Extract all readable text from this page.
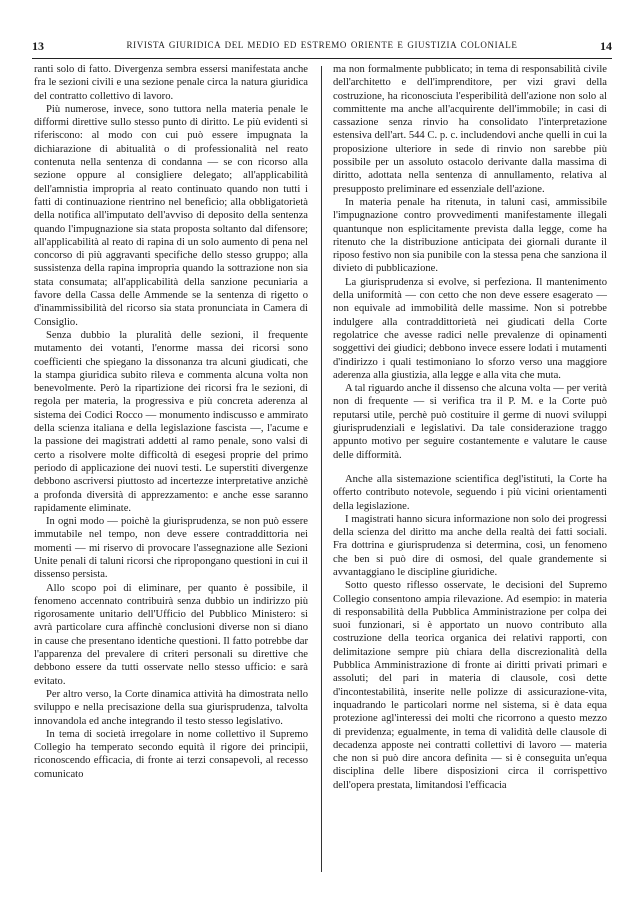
13	RIVISTA GIURIDICA DEL MEDIO ED ESTREMO ORIENTE E GIUSTIZIA COLONIALE	14

ranti solo di fatto. Divergenza sembra essersi manifestata anche fra le sezioni civili e una sezione penale circa la natura giuridica del contratto collettivo di lavoro.

Più numerose, invece, sono tuttora nella materia penale le difformi direttive sullo stesso punto di diritto. Le più evidenti si riferiscono: al modo con cui può essere impugnata la dichiarazione di abitualità o di professionalità nel reato contenuta nella sentenza di condanna — se con ricorso alla sezione oppure al consigliere delegato; all'applicabilità dell'amnistia impropria al reato continuato quando non tutti i fatti di continuazione rientrino nel beneficio; alla obbligatorietà della notifica all'imputato dell'avviso di deposito della sentenza quando l'impugnazione sia stata proposta soltanto dal difensore; all'applicabilità al reato di rapina di un solo aumento di pena nel concorso di più aggravanti specifiche dello stesso gruppo; alla sussistenza della rapina impropria quando la sottrazione non sia stata consumata; all'applicabilità della sanzione pecuniaria a favore della Cassa delle Ammende se la sentenza di rigetto o d'inammissibilità del ricorso sia stata pronunciata in Camera di Consiglio.

Senza dubbio la pluralità delle sezioni, il frequente mutamento dei votanti, l'enorme massa dei ricorsi sono coefficienti che spiegano la dissonanza tra alcuni giudicati, che la stampa giuridica subito rileva e commenta alcuna volta non benevolmente. Però la ripartizione dei ricorsi fra le sezioni, di regola per materia, la progressiva e più concreta aderenza al sistema dei Codici Rocco — monumento indiscusso e ammirato della scienza italiana e della legislazione fascista —, l'acume e la passione dei magistrati addetti al ramo penale, sono valsi di certo a risolvere molte difficoltà di esegesi proprie del primo periodo di applicazione dei nuovi testi. Le superstiti divergenze debbono ascriversi piuttosto ad incertezze interpretative anzichè a profonda diversità di apprezzamento: e anche esse saranno rapidamente eliminate.

In ogni modo — poichè la giurisprudenza, se non può essere immutabile nel tempo, non deve essere contraddittoria nei momenti — mi riservo di provocare l'assegnazione alle Sezioni Unite penali di taluni ricorsi che ripropongano questioni in cui il dissenso persista.

Allo scopo poi di eliminare, per quanto è possibile, il fenomeno accennato contribuirà senza dubbio un indirizzo più rigorosamente unitario dell'Ufficio del Pubblico Ministero: si avrà particolare cura affinchè conclusioni diverse non si diano in cause che presentano identiche questioni. Il fatto potrebbe dar l'apparenza del prevalere di criteri personali su direttive che debbono essere da tutti osservate nello stesso ufficio: e sarà evitato.

Per altro verso, la Corte dinamica attività ha dimostrata nello sviluppo e nella precisazione della sua giurisprudenza, talvolta innovandola ed anche integrando il testo stesso legislativo.

In tema di società irregolare in nome collettivo il Supremo Collegio ha temperato secondo equità il rigore dei principii, riconoscendo efficacia, di fronte ai terzi consapevoli, al recesso comunicato

ma non formalmente pubblicato; in tema di responsabilità civile dell'architetto e dell'imprenditore, per vizi gravi della costruzione, ha riconosciuta l'esperibilità dell'azione non solo al committente ma anche all'acquirente dell'immobile; in casi di cassazione senza rinvio ha consolidato l'interpretazione estensiva dell'art. 544 C. p. c. includendovi anche quelli in cui la proposizione ulteriore in sede di rinvio non sarebbe più possibile per un assoluto ostacolo derivante dalla massima di diritto, adottata nella sentenza di annullamento, relativa al presupposto preliminare ed essenziale dell'azione.

In materia penale ha ritenuta, in taluni casi, ammissibile l'impugnazione contro provvedimenti manifestamente illegali quantunque non esplicitamente prevista dalla legge, come ha ritenuto che la distribuzione anticipata dei giornali durante il riposo festivo non sia punibile con la stessa pena che sanziona il divieto di pubblicazione.

La giurisprudenza si evolve, si perfeziona. Il mantenimento della uniformità — con cetto che non deve essere esagerato — non equivale ad immobilità delle massime. Non si potrebbe indulgere alla contraddittorietà nei giudicati della Corte regolatrice che avesse radici nelle prevalenze di opinamenti soggettivi dei giudici; debbono invece essere lodati i mutamenti d'indirizzo i quali testimoniano lo sforzo verso una maggiore aderenza alla giustizia, alla legge e alla vita che muta.

A tal riguardo anche il dissenso che alcuna volta — per verità non di frequente — si verifica tra il P. M. e la Corte può reputarsi utile, perchè può costituire il germe di nuovi sviluppi giurisprudenziali e legislativi. Da tale considerazione traggo appunto motivo per seguire costantemente e valutare le cause delle difformità.

Anche alla sistemazione scientifica degl'istituti, la Corte ha offerto contributo notevole, seguendo i più vicini orientamenti della legislazione.

I magistrati hanno sicura informazione non solo dei progressi della scienza del diritto ma anche della realtà dei fatti sociali. Fra dottrina e giurisprudenza si determina, così, un fenomeno che ben si può dire di osmosi, del quale grandemente si avvantaggiano le discipline giuridiche.

Sotto questo riflesso osservate, le decisioni del Supremo Collegio consentono ampia rilevazione. Ad esempio: in materia di responsabilità della Pubblica Amministrazione per colpa dei suoi funzionari, si è apportato un nuovo contributo alla costruzione della teorica organica dei relativi rapporti, con delimitazione sempre più chiara della discrezionalità della Pubblica Amministrazione di fronte ai diritti privati primari e assoluti; del pari in materia di clausole, così dette d'incontestabilità, inserite nelle polizze di assicurazione-vita, inquadrando le particolari norme nel sistema, si è data equa protezione agl'interessi dei molti che ricorrono a questo mezzo di previdenza; egualmente, in tema di validità delle clausole di decadenza apposte nei contratti collettivi di lavoro — materia che non si può dire ancora definita — si è conseguita un'equa disciplina delle libere disposizioni circa il corrispettivo dell'opera prestata, limitandosi l'efficacia
